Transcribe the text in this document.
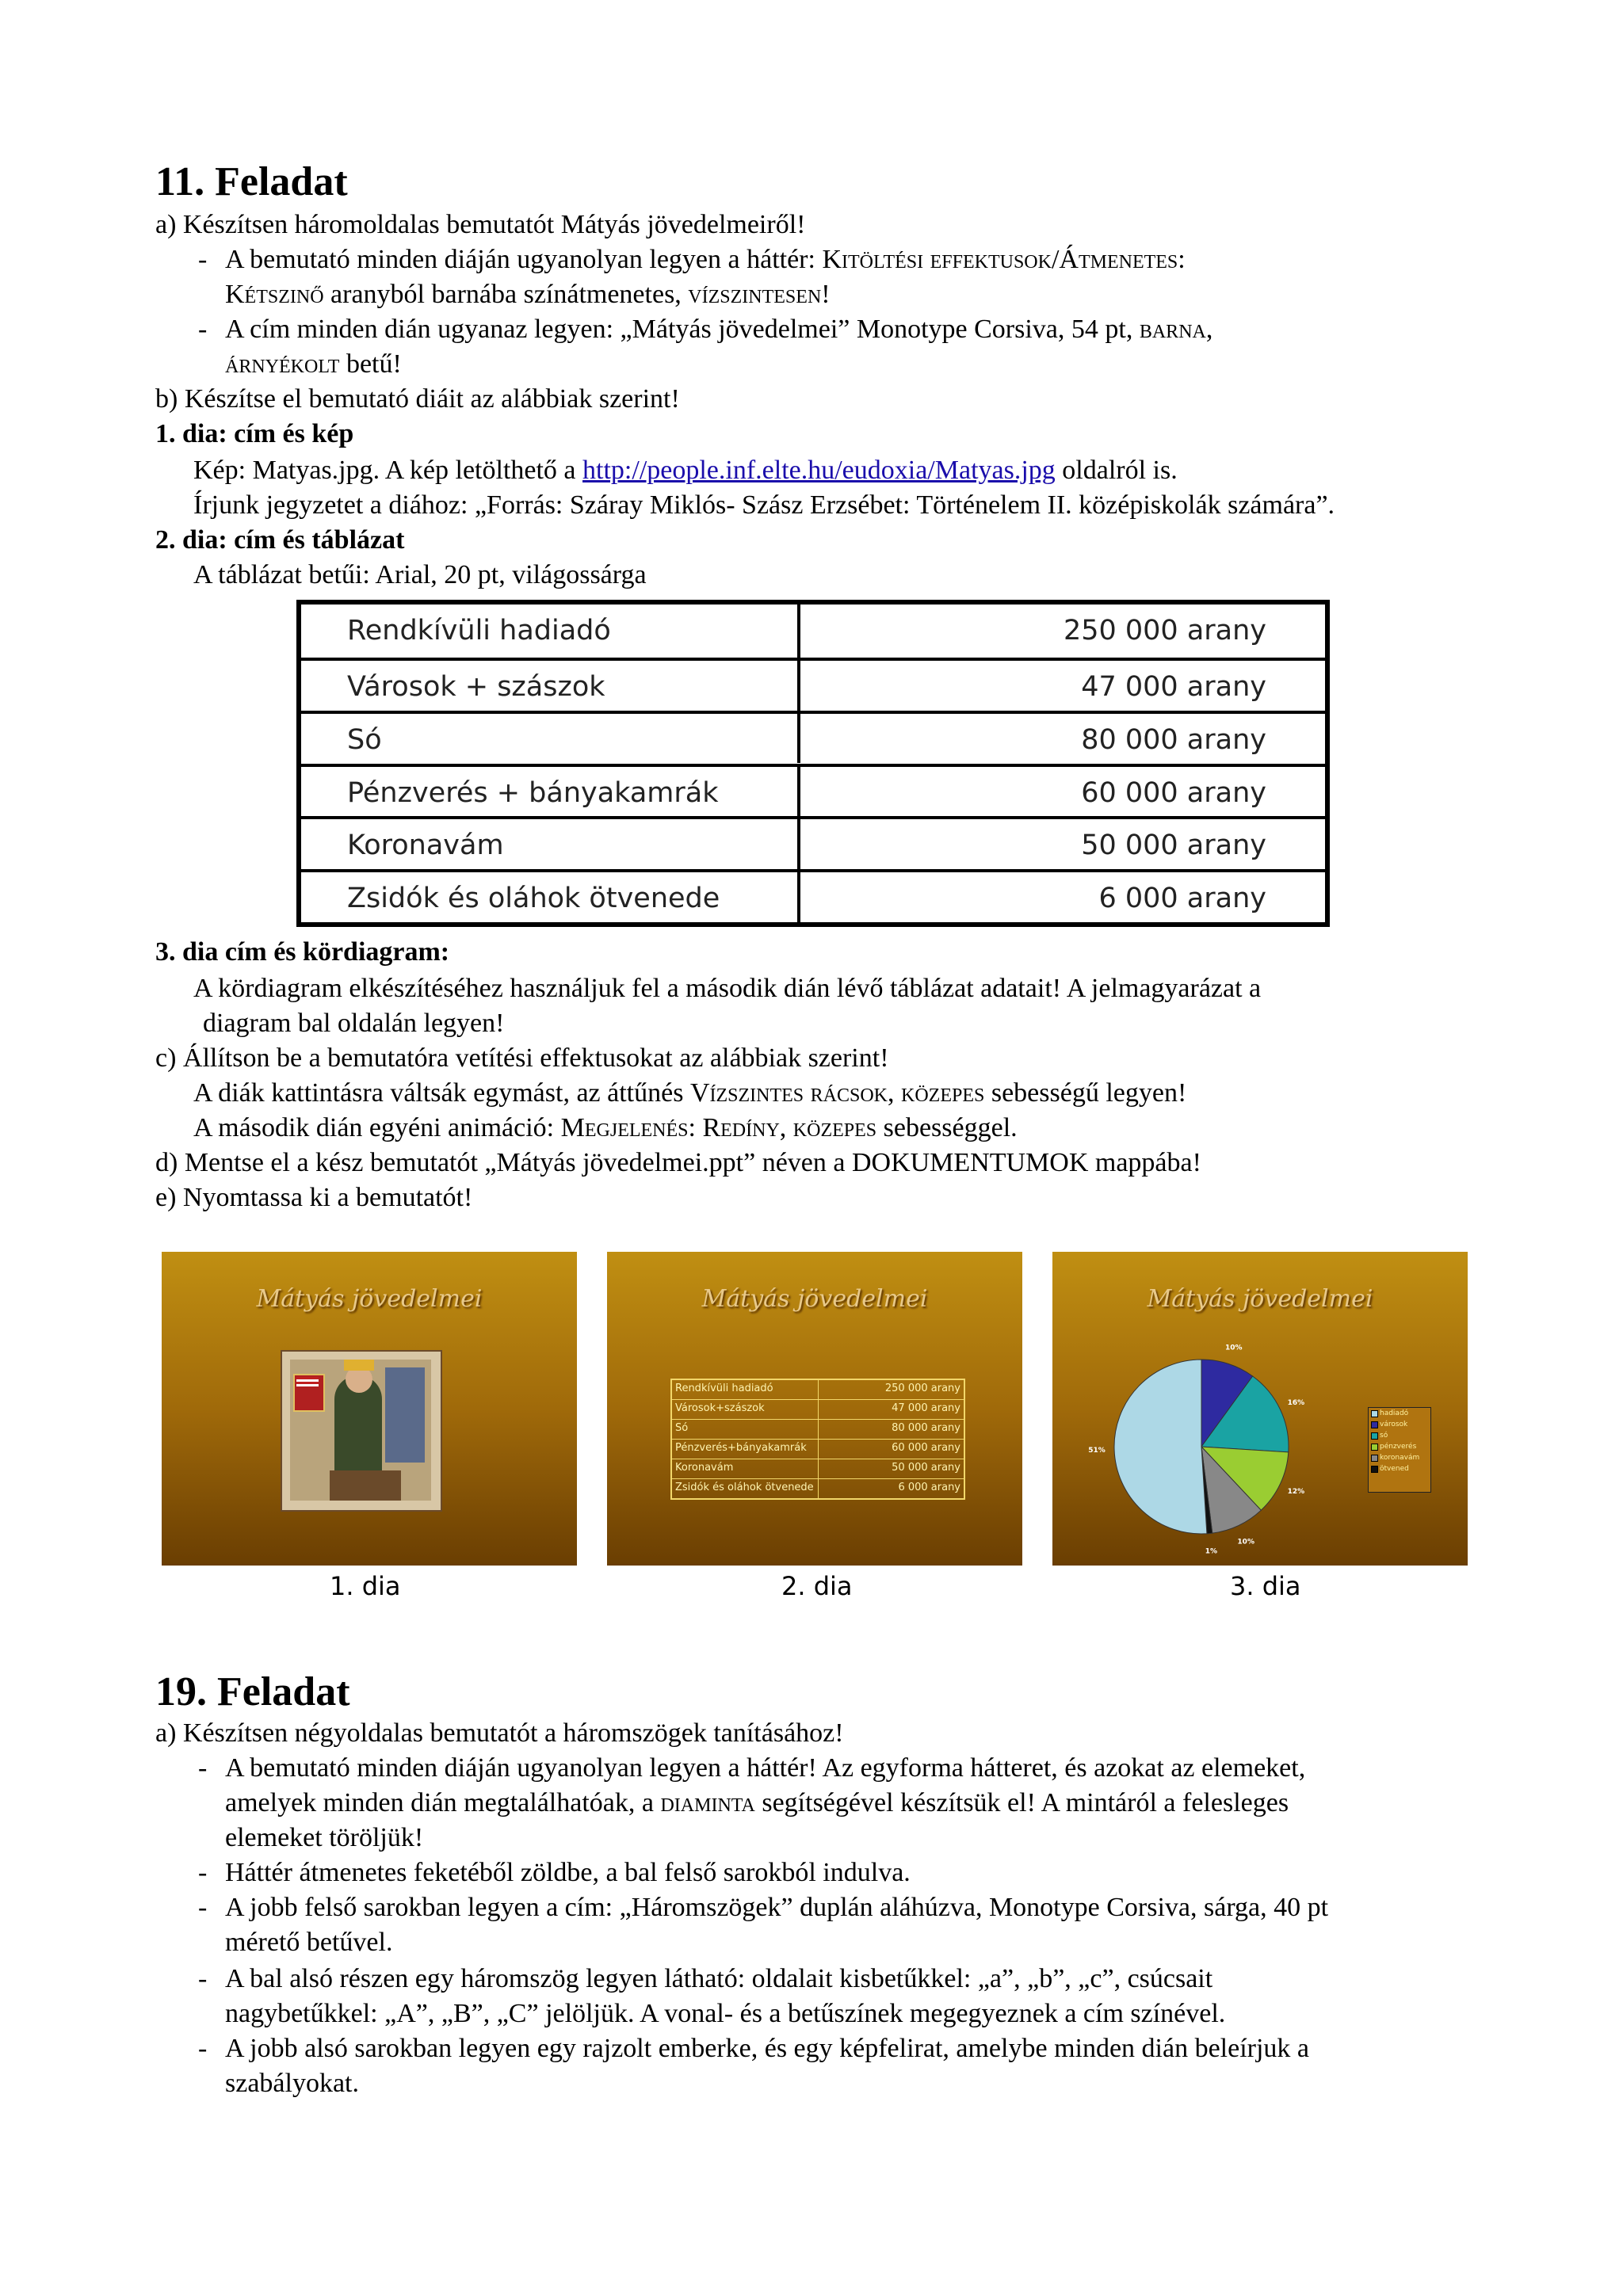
11. Feladat
a) Készítsen háromoldalas bemutatót Mátyás jövedelmeiről!
- A bemutató minden diáján ugyanolyan legyen a háttér: Kitöltési effektusok/Átmenetes:
Kétszinő aranyból barnába színátmenetes, vízszintesen!
- A cím minden dián ugyanaz legyen: „Mátyás jövedelmei” Monotype Corsiva, 54 pt, barna,
árnyékolt betű!
b) Készítse el bemutató diáit az alábbiak szerint!
1. dia: cím és kép
Kép: Matyas.jpg. A kép letölthető a http://people.inf.elte.hu/eudoxia/Matyas.jpg oldalról is.
Írjunk jegyzetet a diához: „Forrás: Száray Miklós- Szász Erzsébet: Történelem II. középiskolák számára”.
2. dia: cím és táblázat
A táblázat betűi: Arial, 20 pt, világossárga
Rendkívüli hadiadó	250 000 arany
Városok + szászok	47 000 arany
Só	80 000 arany
Pénzverés + bányakamrák	60 000 arany
Koronavám	50 000 arany
Zsidók és oláhok ötvenede	6 000 arany
3. dia cím és kördiagram:
A kördiagram elkészítéséhez használjuk fel a második dián lévő táblázat adatait! A jelmagyarázat a
diagram bal oldalán legyen!
c) Állítson be a bemutatóra vetítési effektusokat az alábbiak szerint!
A diák kattintásra váltsák egymást, az áttűnés Vízszintes rácsok, közepes sebességű legyen!
A második dián egyéni animáció: Megjelenés: Redíny, közepes sebességgel.
d) Mentse el a kész bemutatót „Mátyás jövedelmei.ppt” néven a DOKUMENTUMOK mappába!
e) Nyomtassa ki a bemutatót!
Mátyás jövedelmei	Mátyás jövedelmei
Rendkívüli hadiadó	250 000 arany
Városok+szászok	47 000 arany
Só	80 000 arany
Pénzverés+bányakamrák	60 000 arany
Koronavám	50 000 arany
Zsidók és oláhok ötvenede	6 000 arany
Mátyás jövedelmei
10%
16%
12%
10%
1%
51%
hadiadó
városok
só
pénzverés
koronavám
ötvened
1. dia	2. dia	3. dia
19. Feladat
a) Készítsen négyoldalas bemutatót a háromszögek tanításához!
- A bemutató minden diáján ugyanolyan legyen a háttér! Az egyforma hátteret, és azokat az elemeket,
amelyek minden dián megtalálhatóak, a diaminta segítségével készítsük el! A mintáról a felesleges
elemeket töröljük!
- Háttér átmenetes feketéből zöldbe, a bal felső sarokból indulva.
- A jobb felső sarokban legyen a cím: „Háromszögek” duplán aláhúzva, Monotype Corsiva, sárga, 40 pt
mérető betűvel.
- A bal alsó részen egy háromszög legyen látható: oldalait kisbetűkkel: „a”, „b”, „c”, csúcsait
nagybetűkkel: „A”, „B”, „C” jelöljük. A vonal- és a betűszínek megegyeznek a cím színével.
- A jobb alsó sarokban legyen egy rajzolt emberke, és egy képfelirat, amelybe minden dián beleírjuk a
szabályokat.
